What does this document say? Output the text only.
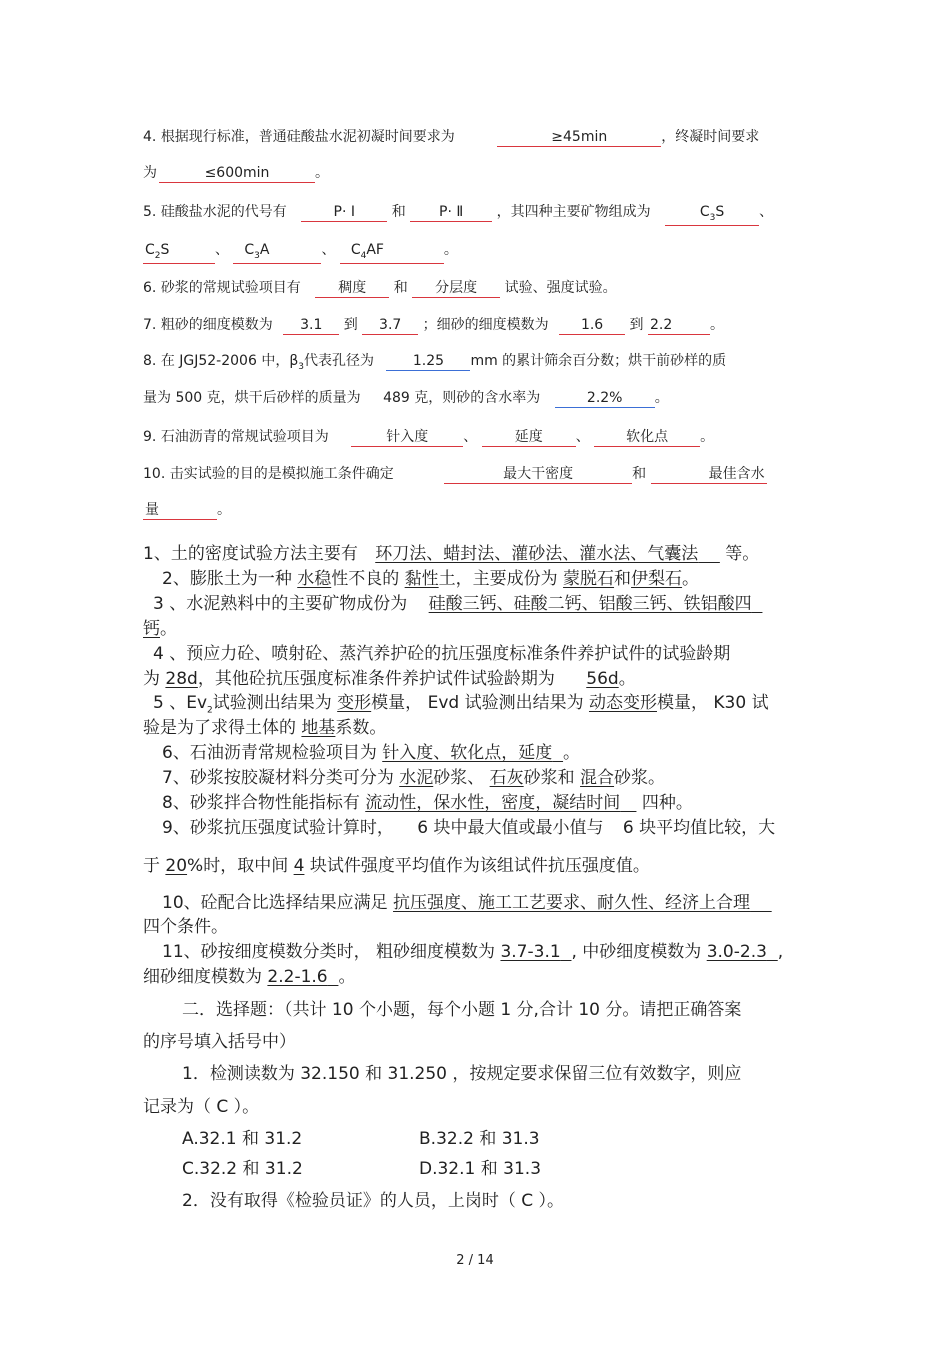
4. 根据现行标准，普通硅酸盐水泥初凝时间要求为	≥45min	，终凝时间要求
为	≤600min	。
5. 硅酸盐水泥的代号有	P· Ⅰ	和 P· Ⅱ ，其四种主要矿物组成为	$C_3S$ 、
$C_2S$	、 $C_3A$	、 $C_4AF$	。
6. 砂浆的常规试验项目有	稠度 和 分层度 试验、强度试验。
7. 粗砂的细度模数为 3.1 到 3.7 ；细砂的细度模数为 1.6 到 2.2	。
8. 在 JGJ52-2006 中，$\beta_3$代表孔径为	1.25 mm 的累计筛余百分数；烘干前砂样的质
量为 500 克，烘干后砂样的质量为 489 克，则砂的含水率为	2.2% 。
9. 石油沥青的常规试验项目为	针入度	、	延度 、	软化点 。
10. 击实试验的目的是模拟施工条件确定	最大干密度	和	最佳含水
量	。
1、土的密度试验方法主要有 环刀法、蜡封法、灌砂法、灌水法、气囊法 等。
2、膨胀土为一种 水稳性不良的 黏性土，主要成份为 蒙脱石和伊梨石。
3 、水泥熟料中的主要矿物成份为 硅酸三钙、硅酸二钙、铝酸三钙、铁铝酸四
钙。
4 、预应力砼、喷射砼、蒸汽养护砼的抗压强度标准条件养护试件的试验龄期
为 28d，其他砼抗压强度标准条件养护试件试验龄期为 56d。
5 、$Ev_2$试验测出结果为 变形模量， Evd 试验测出结果为 动态变形模量， K30 试
验是为了求得土体的 地基系数。
6、石油沥青常规检验项目为 针入度、软化点，延度 。
7、砂浆按胶凝材料分类可分为 水泥砂浆、 石灰砂浆和 混合砂浆。
8、砂浆拌合物性能指标有 流动性，保水性，密度，凝结时间 四种。
9、砂浆抗压强度试验计算时， 6 块中最大值或最小值与 6 块平均值比较，大
于 20%时，取中间 4 块试件强度平均值作为该组试件抗压强度值。
10、砼配合比选择结果应满足 抗压强度、施工工艺要求、耐久性、经济上合理
四个条件。
11、砂按细度模数分类时， 粗砂细度模数为 3.7-3.1 , 中砂细度模数为 3.0-2.3 ,
细砂细度模数为 2.2-1.6 。
二．选择题：（共计 10 个小题，每个小题 1 分,合计 10 分。请把正确答案
的序号填入括号中）
1．检测读数为 32.150 和 31.250 ，按规定要求保留三位有效数字，则应
记录为（ C ）。
A.32.1 和 31.2	B.32.2 和 31.3
C.32.2 和 31.2	D.32.1 和 31.3
2．没有取得《检验员证》的人员，上岗时（ C ）。
2 / 14
